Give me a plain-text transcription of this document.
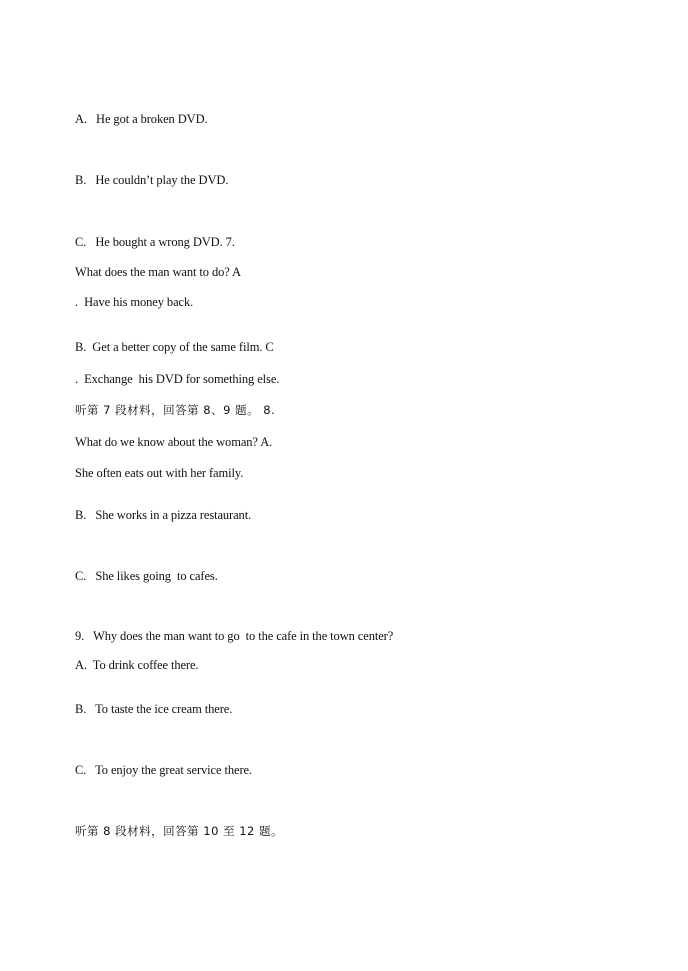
A.   He got a broken DVD.
B.   He couldn’t play the DVD.
C.   He bought a wrong DVD. 7.
What does the man want to do? A
.  Have his money back.
B.  Get a better copy of the same film. C
.  Exchange  his DVD for something else.
听第 7 段材料，回答第 8、9 题。 8.
What do we know about the woman? A.
She often eats out with her family.
B.   She works in a pizza restaurant.
C.   She likes going  to cafes.
9.   Why does the man want to go  to the cafe in the town center?
A.  To drink coffee there.
B.   To taste the ice cream there.
C.   To enjoy the great service there.
听第 8 段材料，回答第 10 至 12 题。
